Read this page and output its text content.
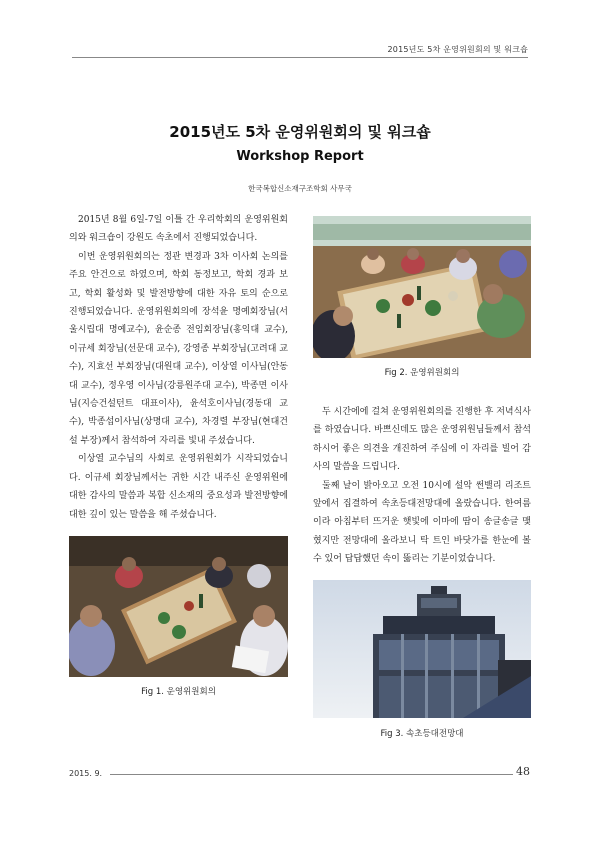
2015년도 5차 운영위원회의 및 워크숍
2015년도 5차 운영위원회의 및 워크숍
Workshop Report
한국복합신소재구조학회 사무국

2015년 8월 6일-7일 이틀 간 우리학회의 운영위원회의와 워크숍이 강원도 속초에서 진행되었습니다.

이번 운영위원회의는 정관 변경과 3차 이사회 논의를 주요 안건으로 하였으며, 학회 동정보고, 학회 경과 보고, 학회 활성화 및 발전방향에 대한 자유 토의 순으로 진행되었습니다. 운영위원회의에 장석윤 명예회장님(서울시립대 명예교수), 윤순종 전임회장님(홍익대 교수), 이규세 회장님(선문대 교수), 강영종 부회장님(고려대 교수), 지효선 부회장님(대원대 교수), 이상열 이사님(안동대 교수), 정우영 이사님(강릉원주대 교수), 박종면 이사님(지승건설턴트 대표이사), 윤석호이사님(경동대 교수), 박종섭이사님(상명대 교수), 차경렬 부장님(현대건설 부장)께서 참석하여 자리를 빛내 주셨습니다.

이상열 교수님의 사회로 운영위원회가 시작되었습니다. 이규세 회장님께서는 귀한 시간 내주신 운영위원에 대한 감사의 말씀과 복합 신소재의 중요성과 발전방향에 대한 깊이 있는 말씀을 해 주셨습니다.

Fig 2. 운영위원회의

두 시간에에 걸쳐 운영위원회의를 진행한 후 저녁식사를 하였습니다. 바쁘신데도 많은 운영위원님들께서 참석하시어 좋은 의견을 개진하여 주심에 이 자리를 빌어 감사의 말씀을 드립니다.

둘째 날이 밝아오고 오전 10시에 설악 썬밸리 리조트 앞에서 집결하여 속초등대전망대에 올랐습니다. 한여름이라 아침부터 뜨거운 햇빛에 이마에 땀이 송글송글 맺혔지만 전망대에 올라보니 탁 트인 바닷가를 한눈에 볼 수 있어 답답했던 속이 뚫리는 기분이었습니다.

Fig 1. 운영위원회의
Fig 3. 속초등대전망대
2015. 9.	48
